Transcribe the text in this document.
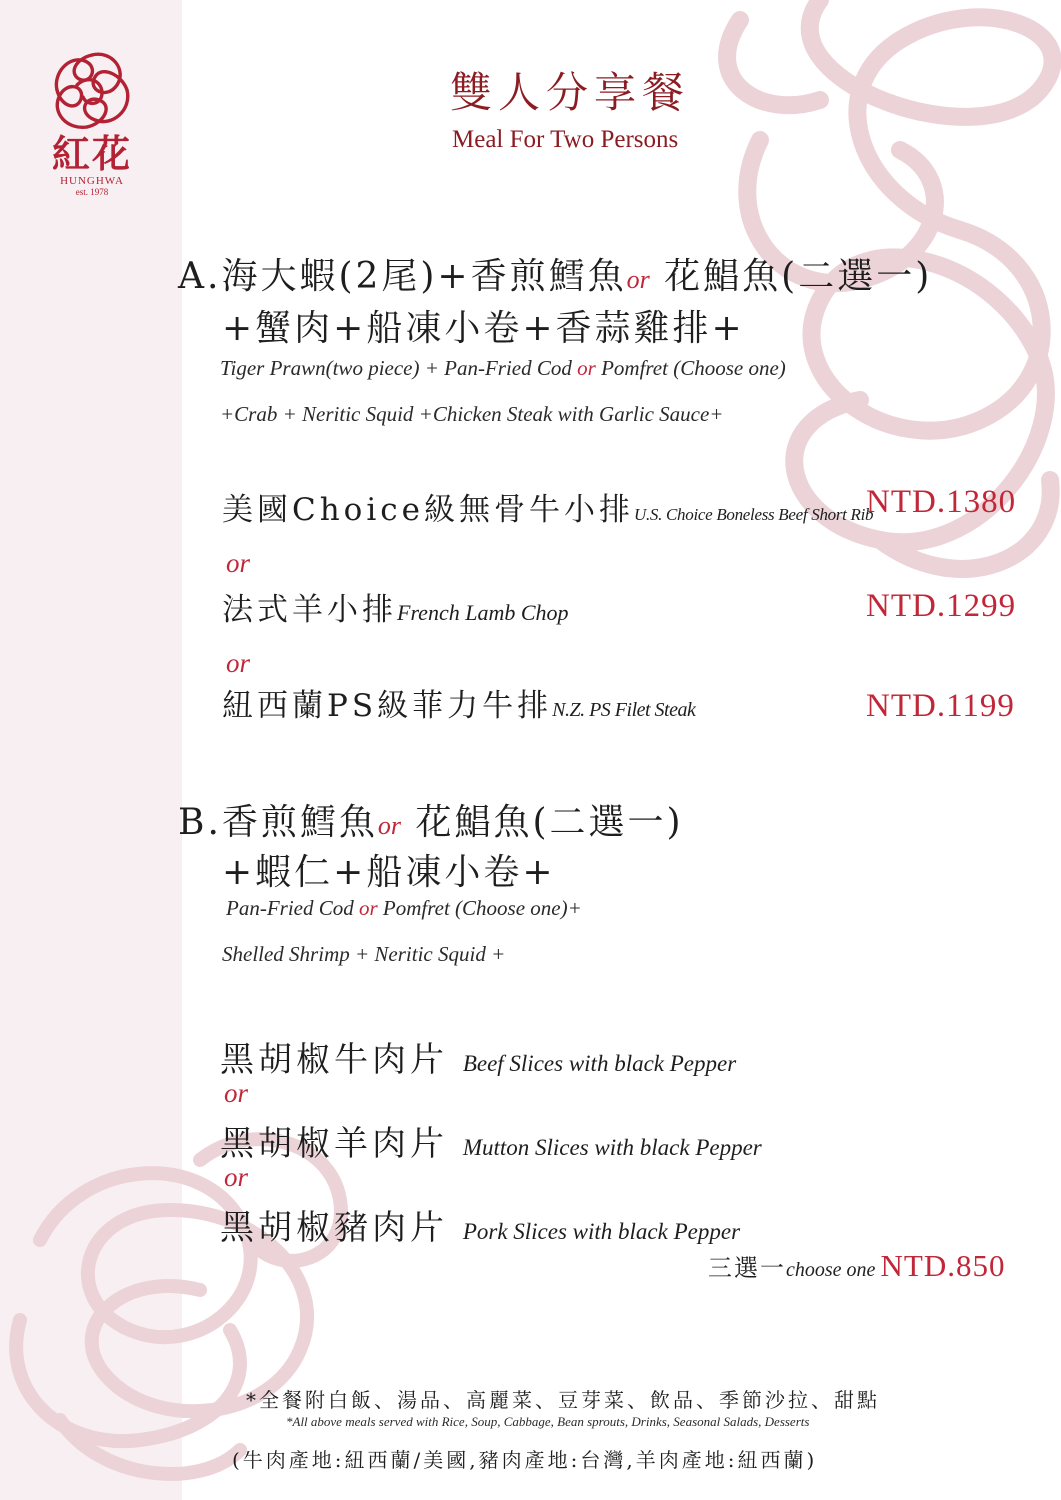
紅花
HUNGHWA
est. 1978
雙人分享餐
Meal For Two Persons
A.海大蝦(2尾)+香煎鱈魚or 花鯧魚(二選一)
+蟹肉+船凍小卷+香蒜雞排+
Tiger Prawn(two piece) + Pan-Fried Cod or Pomfret (Choose one)
+Crab + Neritic Squid +Chicken Steak with Garlic Sauce+
美國Choice級無骨牛小排U.S. Choice Boneless Beef Short Rib
NTD.1380
or
法式羊小排French Lamb Chop	NTD.1299
or
紐西蘭PS級菲力牛排N.Z. PS Filet Steak	NTD.1199
B.香煎鱈魚or 花鯧魚(二選一)
+蝦仁+船凍小卷+
Pan-Fried Cod or Pomfret (Choose one)+
Shelled Shrimp + Neritic Squid +
黑胡椒牛肉片 Beef Slices with black Pepper
or
黑胡椒羊肉片 Mutton Slices with black Pepper
or
黑胡椒豬肉片 Pork Slices with black Pepper
三選一choose one NTD.850
*全餐附白飯、湯品、高麗菜、豆芽菜、飲品、季節沙拉、甜點
*All above meals served with Rice, Soup, Cabbage, Bean sprouts, Drinks, Seasonal Salads, Desserts
(牛肉產地:紐西蘭/美國,豬肉產地:台灣,羊肉產地:紐西蘭)
